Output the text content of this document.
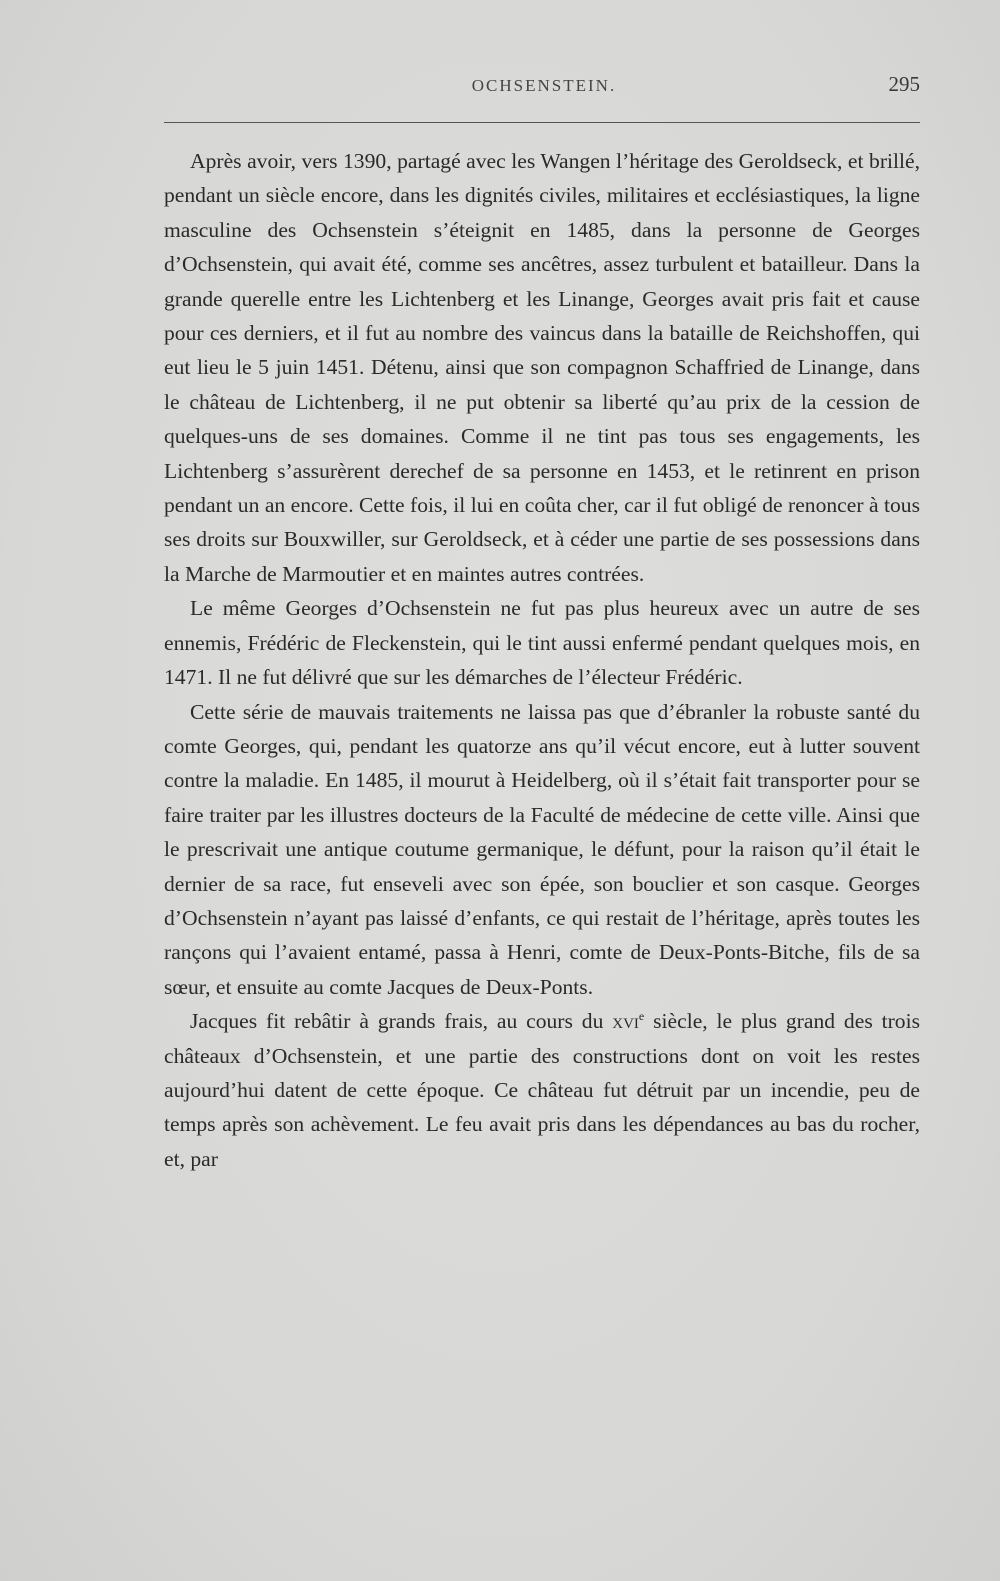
OCHSENSTEIN.	295

Après avoir, vers 1390, partagé avec les Wangen l’héritage des Geroldseck, et brillé, pendant un siècle encore, dans les dignités civiles, militaires et ecclésiastiques, la ligne masculine des Ochsenstein s’éteignit en 1485, dans la personne de Georges d’Ochsenstein, qui avait été, comme ses ancêtres, assez turbulent et batailleur. Dans la grande querelle entre les Lichtenberg et les Linange, Georges avait pris fait et cause pour ces derniers, et il fut au nombre des vaincus dans la bataille de Reichshoffen, qui eut lieu le 5 juin 1451. Détenu, ainsi que son compagnon Schaffried de Linange, dans le château de Lichtenberg, il ne put obtenir sa liberté qu’au prix de la cession de quelques-uns de ses domaines. Comme il ne tint pas tous ses engagements, les Lichtenberg s’assurèrent derechef de sa personne en 1453, et le retinrent en prison pendant un an encore. Cette fois, il lui en coûta cher, car il fut obligé de renoncer à tous ses droits sur Bouxwiller, sur Geroldseck, et à céder une partie de ses possessions dans la Marche de Marmoutier et en maintes autres contrées.

Le même Georges d’Ochsenstein ne fut pas plus heureux avec un autre de ses ennemis, Frédéric de Fleckenstein, qui le tint aussi enfermé pendant quelques mois, en 1471. Il ne fut délivré que sur les démarches de l’électeur Frédéric.

Cette série de mauvais traitements ne laissa pas que d’ébranler la robuste santé du comte Georges, qui, pendant les quatorze ans qu’il vécut encore, eut à lutter souvent contre la maladie. En 1485, il mourut à Heidelberg, où il s’était fait transporter pour se faire traiter par les illustres docteurs de la Faculté de médecine de cette ville. Ainsi que le prescrivait une antique coutume germanique, le défunt, pour la raison qu’il était le dernier de sa race, fut enseveli avec son épée, son bouclier et son casque. Georges d’Ochsenstein n’ayant pas laissé d’enfants, ce qui restait de l’héritage, après toutes les rançons qui l’avaient entamé, passa à Henri, comte de Deux-Ponts-Bitche, fils de sa sœur, et ensuite au comte Jacques de Deux-Ponts.

Jacques fit rebâtir à grands frais, au cours du xvi$^e$ siècle, le plus grand des trois châteaux d’Ochsenstein, et une partie des constructions dont on voit les restes aujourd’hui datent de cette époque. Ce château fut détruit par un incendie, peu de temps après son achèvement. Le feu avait pris dans les dépendances au bas du rocher, et, par
